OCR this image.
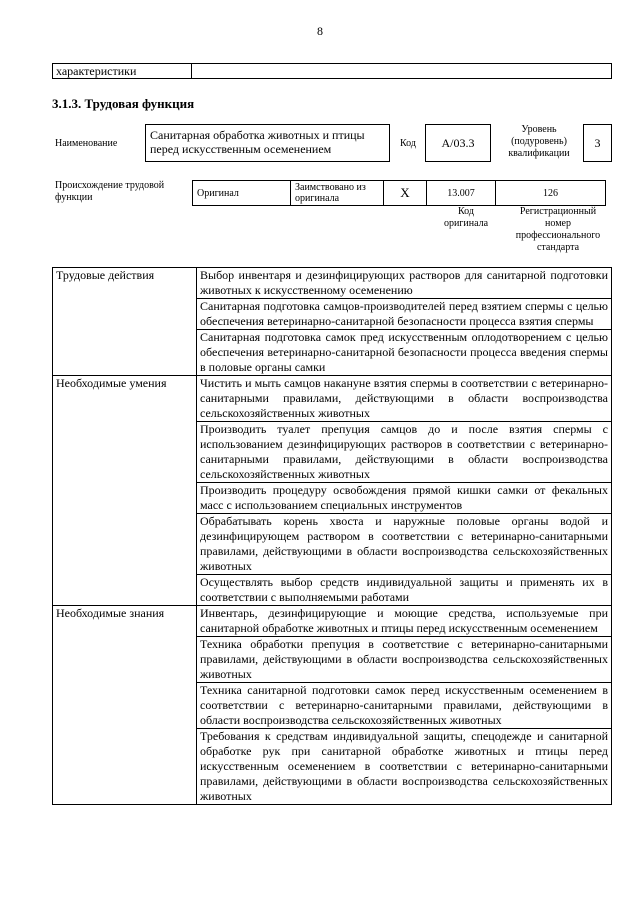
8
характеристики	
3.1.3. Трудовая функция
Наименование
Санитарная обработка животных и птицы перед искусственным осеменением	Код	A/03.3
Уровень (подуровень) квалификации
3
Происхождение трудовой функции	Оригинал	Заимствовано из оригинала	X	13.007	126
Код оригинала
Регистрационный номер профессионального стандарта
Трудовые действия	Выбор инвентаря и дезинфицирующих растворов для санитарной подготовки животных к искусственному осеменению
	Санитарная подготовка самцов-производителей перед взятием спермы с целью обеспечения ветеринарно-санитарной безопасности процесса взятия спермы
	Санитарная подготовка самок пред искусственным оплодотворением с целью обеспечения ветеринарно-санитарной безопасности процесса введения спермы в половые органы самки
Необходимые умения	Чистить и мыть самцов накануне взятия спермы в соответствии с ветеринарно-санитарными правилами, действующими в области воспроизводства сельскохозяйственных животных
	Производить туалет препуция самцов до и после взятия спермы с использованием дезинфицирующих растворов в соответствии с ветеринарно-санитарными правилами, действующими в области воспроизводства сельскохозяйственных животных
	Производить процедуру освобождения прямой кишки самки от фекальных масс с использованием специальных инструментов
	Обрабатывать корень хвоста и наружные половые органы водой и дезинфицирующем раствором в соответствии с ветеринарно-санитарными правилами, действующими в области воспроизводства сельскохозяйственных животных
	Осуществлять выбор средств индивидуальной защиты и применять их в соответствии с выполняемыми работами
Необходимые знания	Инвентарь, дезинфицирующие и моющие средства, используемые при санитарной обработке животных и птицы перед искусственным осеменением
	Техника обработки препуция в соответствие с ветеринарно-санитарными правилами, действующими в области воспроизводства сельскохозяйственных животных
	Техника санитарной подготовки самок перед искусственным осеменением в соответствии с ветеринарно-санитарными правилами, действующими в области воспроизводства сельскохозяйственных животных
	Требования к средствам индивидуальной защиты, спецодежде и санитарной обработке рук при санитарной обработке животных и птицы перед искусственным осеменением в соответствии с ветеринарно-санитарными правилами, действующими в области воспроизводства сельскохозяйственных животных
